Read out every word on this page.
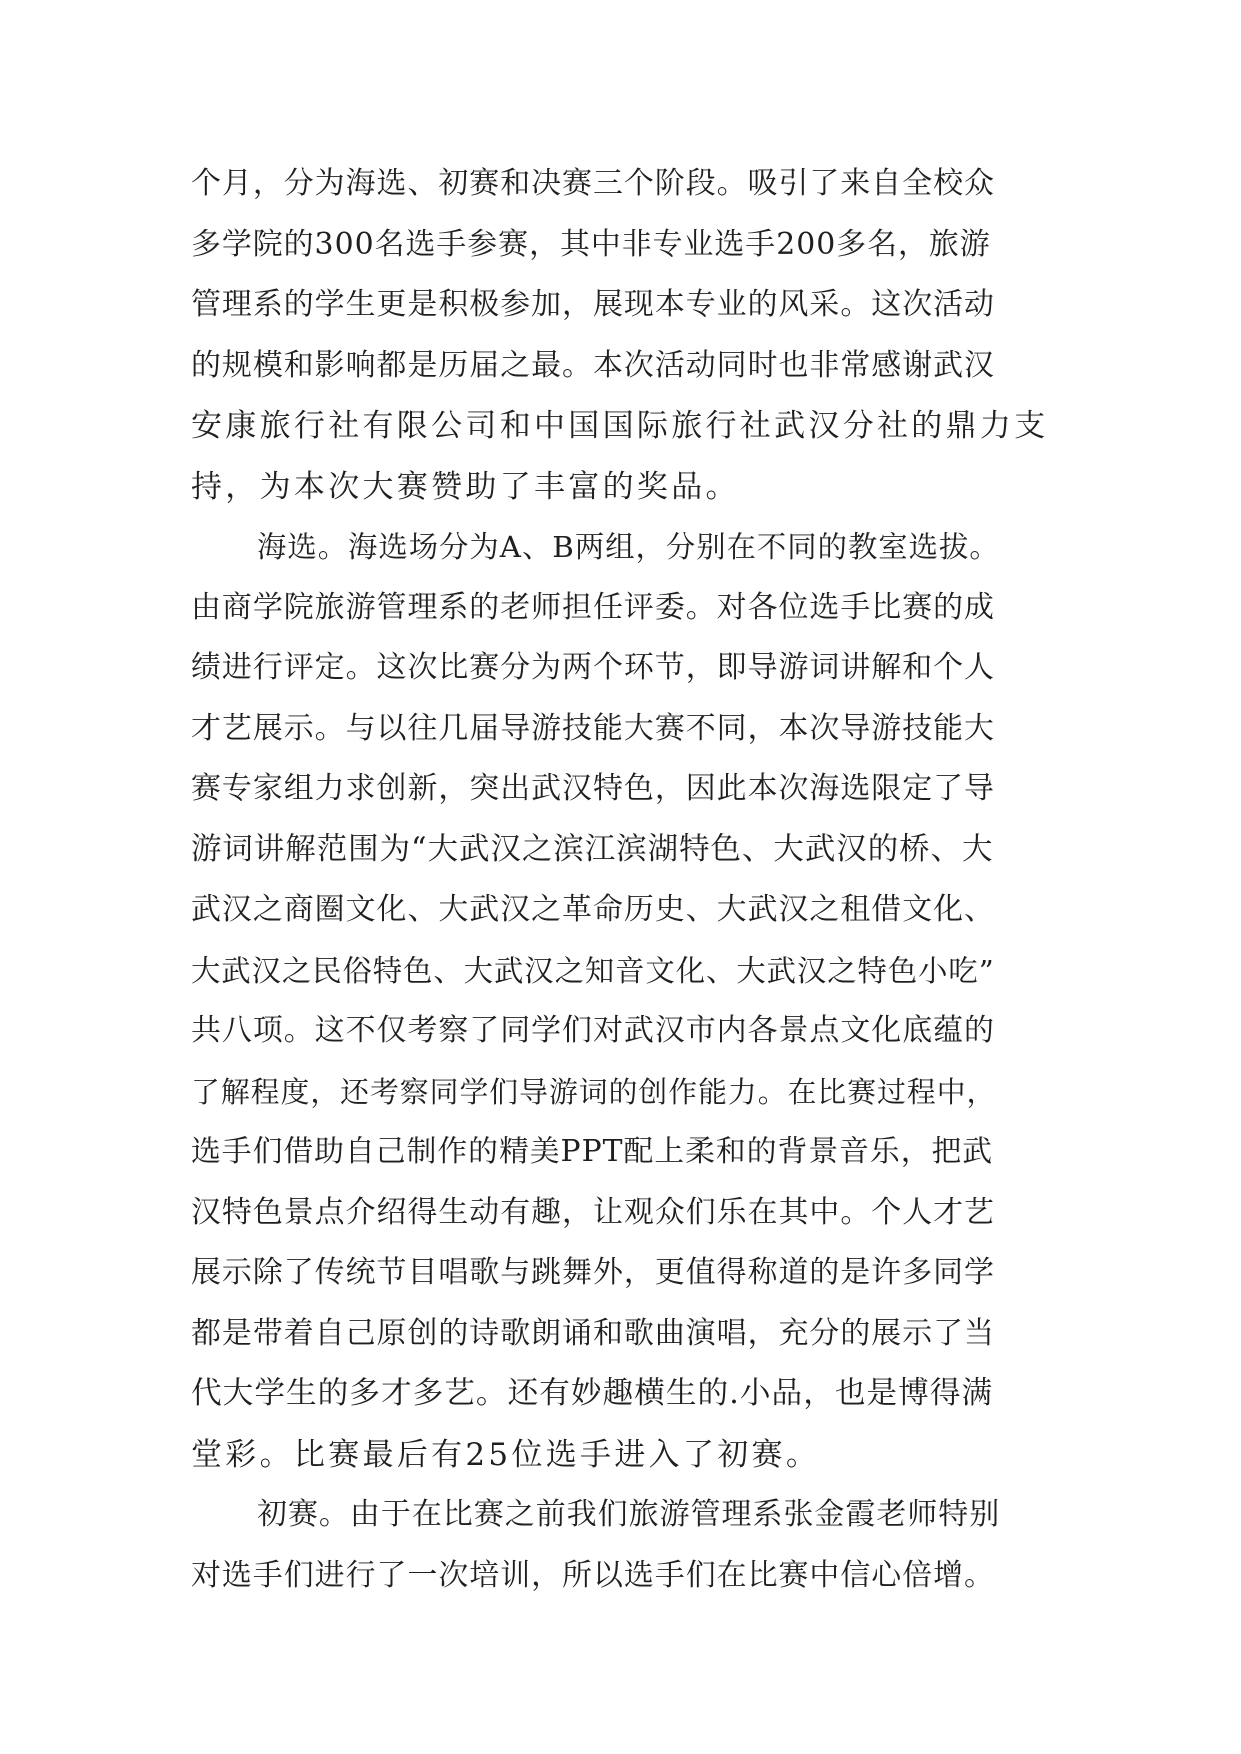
个月，分为海选、初赛和决赛三个阶段。吸引了来自全校众
多学院的300名选手参赛，其中非专业选手200多名，旅游
管理系的学生更是积极参加，展现本专业的风采。这次活动
的规模和影响都是历届之最。本次活动同时也非常感谢武汉
安康旅行社有限公司和中国国际旅行社武汉分社的鼎力支
持，为本次大赛赞助了丰富的奖品。
海选。海选场分为A、B两组，分别在不同的教室选拔。
由商学院旅游管理系的老师担任评委。对各位选手比赛的成
绩进行评定。这次比赛分为两个环节，即导游词讲解和个人
才艺展示。与以往几届导游技能大赛不同，本次导游技能大
赛专家组力求创新，突出武汉特色，因此本次海选限定了导
游词讲解范围为“大武汉之滨江滨湖特色、大武汉的桥、大
武汉之商圈文化、大武汉之革命历史、大武汉之租借文化、
大武汉之民俗特色、大武汉之知音文化、大武汉之特色小吃”
共八项。这不仅考察了同学们对武汉市内各景点文化底蕴的
了解程度，还考察同学们导游词的创作能力。在比赛过程中，
选手们借助自己制作的精美PPT配上柔和的背景音乐，把武
汉特色景点介绍得生动有趣，让观众们乐在其中。个人才艺
展示除了传统节目唱歌与跳舞外，更值得称道的是许多同学
都是带着自己原创的诗歌朗诵和歌曲演唱，充分的展示了当
代大学生的多才多艺。还有妙趣横生的.小品，也是博得满
堂彩。比赛最后有25位选手进入了初赛。
初赛。由于在比赛之前我们旅游管理系张金霞老师特别
对选手们进行了一次培训，所以选手们在比赛中信心倍增。
